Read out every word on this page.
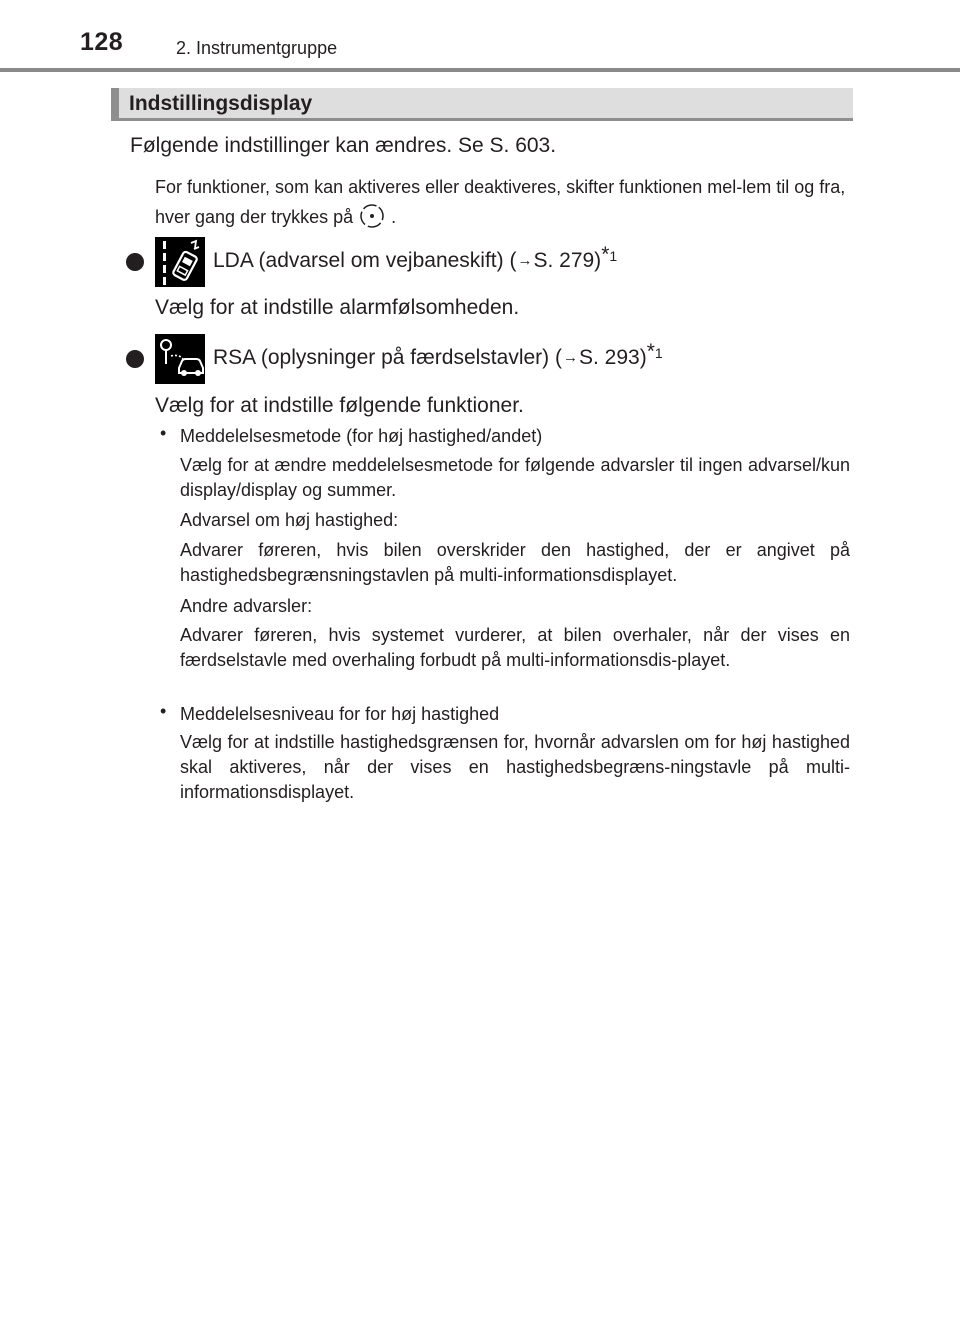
128	2. Instrumentgruppe
Indstillingsdisplay
Følgende indstillinger kan ændres. Se S. 603.
For funktioner, som kan aktiveres eller deaktiveres, skifter funktionen mel-lem til og fra, hver gang der trykkes på .
LDA (advarsel om vejbaneskift) (→S. 279)$^{*1}$
Vælg for at indstille alarmfølsomheden.
RSA (oplysninger på færdselstavler) (→S. 293)$^{*1}$
Vælg for at indstille følgende funktioner.
• Meddelelsesmetode (for høj hastighed/andet)
Vælg for at ændre meddelelsesmetode for følgende advarsler til ingen advarsel/kun display/display og summer.
Advarsel om høj hastighed:
Advarer føreren, hvis bilen overskrider den hastighed, der er angivet på hastighedsbegrænsningstavlen på multi-informationsdisplayet.
Andre advarsler:
Advarer føreren, hvis systemet vurderer, at bilen overhaler, når der vises en færdselstavle med overhaling forbudt på multi-informationsdis-playet.
• Meddelelsesniveau for for høj hastighed
Vælg for at indstille hastighedsgrænsen for, hvornår advarslen om for høj hastighed skal aktiveres, når der vises en hastighedsbegræns-ningstavle på multi-informationsdisplayet.
